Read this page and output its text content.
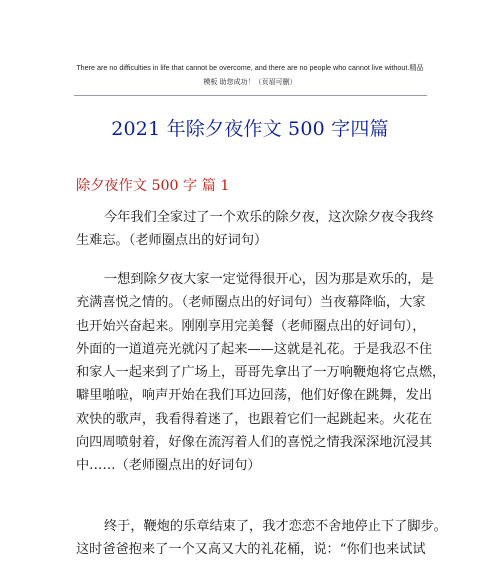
There are no difficulties in life that cannot be overcome, and there are no people who cannot live without.精品
模板 助您成功！（页眉可删）
2021 年除夕夜作文 500 字四篇
除夕夜作文 500 字 篇 1
今年我们全家过了一个欢乐的除夕夜，这次除夕夜令我终
生难忘。（老师圈点出的好词句）
一想到除夕夜大家一定觉得很开心，因为那是欢乐的，是
充满喜悦之情的。（老师圈点出的好词句）当夜幕降临，大家
也开始兴奋起来。刚刚享用完美餐（老师圈点出的好词句），
外面的一道道亮光就闪了起来——这就是礼花。于是我忍不住
和家人一起来到了广场上，哥哥先拿出了一万响鞭炮将它点燃，
噼里啪啦，响声开始在我们耳边回荡，他们好像在跳舞，发出
欢快的歌声，我看得着迷了，也跟着它们一起跳起来。火花在
向四周喷射着，好像在流泻着人们的喜悦之情我深深地沉浸其
中……（老师圈点出的好词句）
终于，鞭炮的乐章结束了，我才恋恋不舍地停止下了脚步。
这时爸爸抱来了一个又高又大的礼花桶，说：“你们也来试试
